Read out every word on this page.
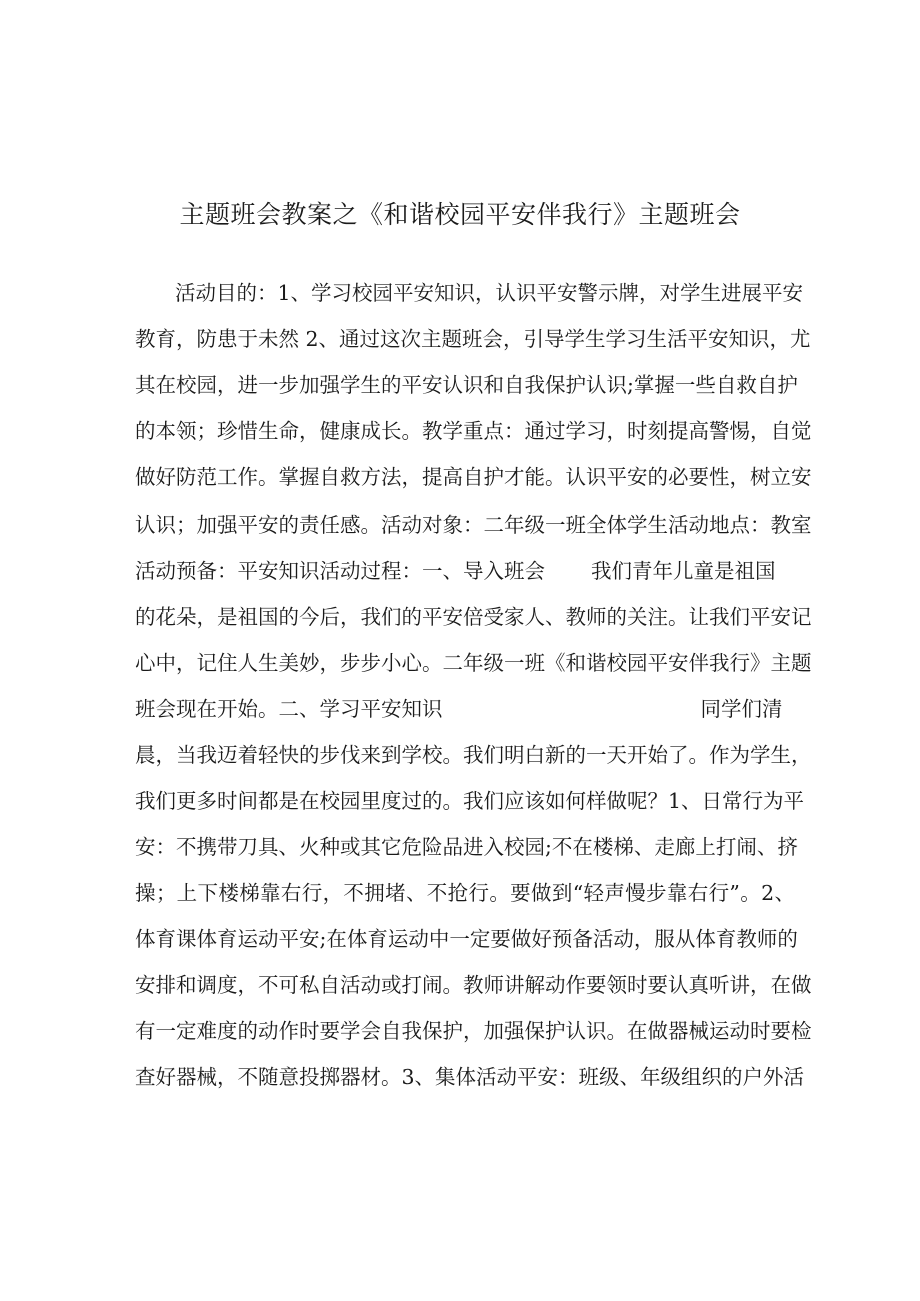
主题班会教案之《和谐校园平安伴我行》主题班会
活动目的：1、学习校园平安知识，认识平安警示牌，对学生进展平安
教育，防患于未然 2、通过这次主题班会，引导学生学习生活平安知识，尤
其在校园，进一步加强学生的平安认识和自我保护认识;掌握一些自救自护
的本领；珍惜生命，健康成长。教学重点：通过学习，时刻提高警惕，自觉
做好防范工作。掌握自救方法，提高自护才能。认识平安的必要性，树立安
认识；加强平安的责任感。活动对象：二年级一班全体学生活动地点：教室
活动预备：平安知识活动过程：一、导入班会 我们青年儿童是祖国
的花朵，是祖国的今后，我们的平安倍受家人、教师的关注。让我们平安记
心中，记住人生美妙，步步小心。二年级一班《和谐校园平安伴我行》主题
班会现在开始。二、学习平安知识	同学们清
晨，当我迈着轻快的步伐来到学校。我们明白新的一天开始了。作为学生，
我们更多时间都是在校园里度过的。我们应该如何样做呢？1、日常行为平
安：不携带刀具、火种或其它危险品进入校园;不在楼梯、走廊上打闹、挤
操；上下楼梯靠右行，不拥堵、不抢行。要做到“轻声慢步靠右行”。2、
体育课体育运动平安;在体育运动中一定要做好预备活动，服从体育教师的
安排和调度，不可私自活动或打闹。教师讲解动作要领时要认真听讲，在做
有一定难度的动作时要学会自我保护，加强保护认识。在做器械运动时要检
查好器械，不随意投掷器材。3、集体活动平安：班级、年级组织的户外活
